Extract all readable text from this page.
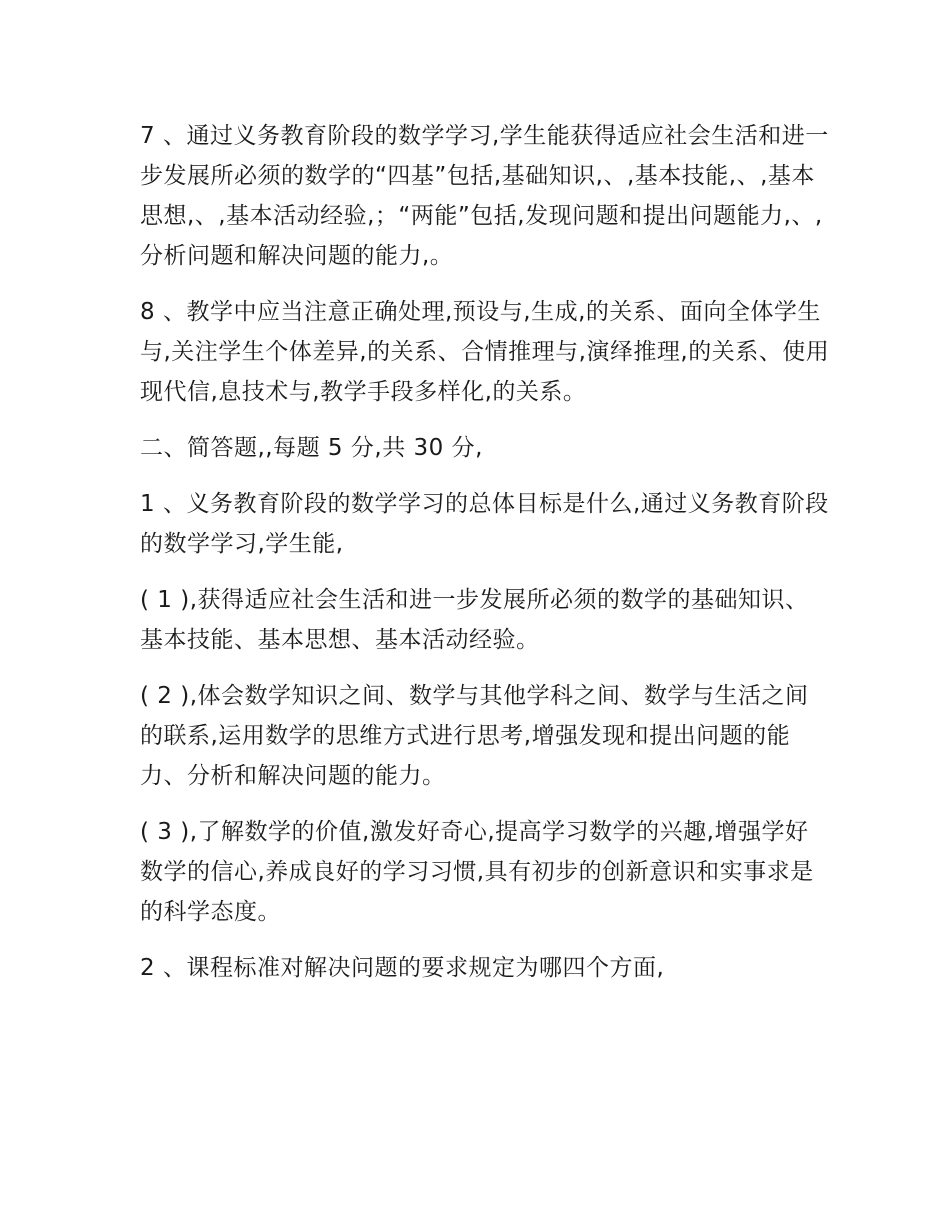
7 、通过义务教育阶段的数学学习,学生能获得适应社会生活和进一步发展所必须的数学的“四基”包括,基础知识,、,基本技能,、,基本思想,、,基本活动经验,；“两能”包括,发现问题和提出问题能力,、,分析问题和解决问题的能力,。

8 、教学中应当注意正确处理,预设与,生成,的关系、面向全体学生与,关注学生个体差异,的关系、合情推理与,演绎推理,的关系、使用现代信,息技术与,教学手段多样化,的关系。

二、简答题,,每题 5 分,共 30 分,

1 、义务教育阶段的数学学习的总体目标是什么,通过义务教育阶段的数学学习,学生能,

( 1 ),获得适应社会生活和进一步发展所必须的数学的基础知识、基本技能、基本思想、基本活动经验。

( 2 ),体会数学知识之间、数学与其他学科之间、数学与生活之间的联系,运用数学的思维方式进行思考,增强发现和提出问题的能力、分析和解决问题的能力。

( 3 ),了解数学的价值,激发好奇心,提高学习数学的兴趣,增强学好数学的信心,养成良好的学习习惯,具有初步的创新意识和实事求是的科学态度。

2 、课程标准对解决问题的要求规定为哪四个方面,
